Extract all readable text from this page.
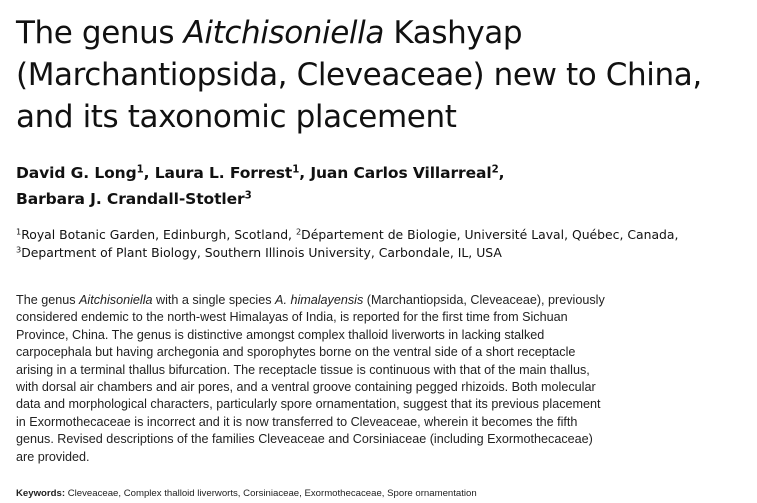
The genus Aitchisoniella Kashyap
(Marchantiopsida, Cleveaceae) new to China,
and its taxonomic placement
David G. Long$^1$, Laura L. Forrest$^1$, Juan Carlos Villarreal$^2$,
Barbara J. Crandall-Stotler$^3$
$^1$Royal Botanic Garden, Edinburgh, Scotland, $^2$Département de Biologie, Université Laval, Québec, Canada,
$^3$Department of Plant Biology, Southern Illinois University, Carbondale, IL, USA
The genus Aitchisoniella with a single species A. himalayensis (Marchantiopsida, Cleveaceae), previously
considered endemic to the north-west Himalayas of India, is reported for the first time from Sichuan
Province, China. The genus is distinctive amongst complex thalloid liverworts in lacking stalked
carpocephala but having archegonia and sporophytes borne on the ventral side of a short receptacle
arising in a terminal thallus bifurcation. The receptacle tissue is continuous with that of the main thallus,
with dorsal air chambers and air pores, and a ventral groove containing pegged rhizoids. Both molecular
data and morphological characters, particularly spore ornamentation, suggest that its previous placement
in Exormothecaceae is incorrect and it is now transferred to Cleveaceae, wherein it becomes the fifth
genus. Revised descriptions of the families Cleveaceae and Corsiniaceae (including Exormothecaceae)
are provided.
Keywords: Cleveaceae, Complex thalloid liverworts, Corsiniaceae, Exormothecaceae, Spore ornamentation
